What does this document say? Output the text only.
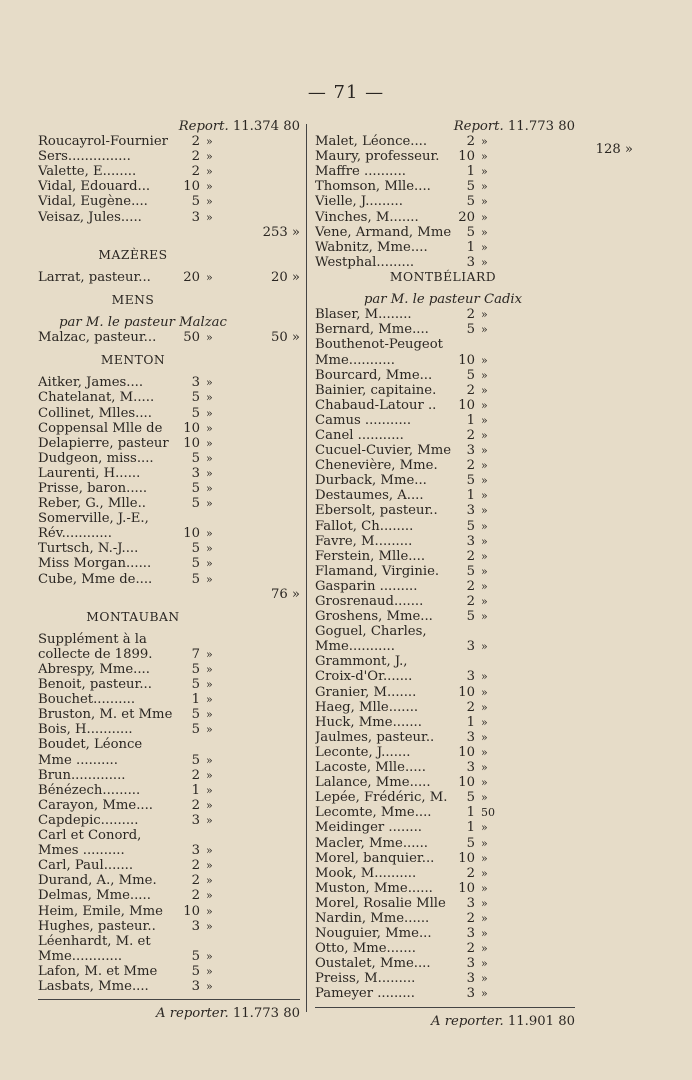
— 71 —
Report. 11.374 80
Roucayrol-Fournier	2 »
Sers...............	2 »
Valette, E........	2 »
Vidal, Edouard...	10 »
Vidal, Eugène....	5 »
Veisaz, Jules.....	3 »
253 »
MAZÈRES
Larrat, pasteur...	20 »	20 »
MENS
par M. le pasteur Malzac
Malzac, pasteur...	50 »	50 »
MENTON
Aitker, James....	3 »
Chatelanat, M.....	5 »
Collinet, Mlles....	5 »
Coppensal Mlle de	10 »
Delapierre, pasteur	10 »
Dudgeon, miss....	5 »
Laurenti, H......	3 »
Prisse, baron.....	5 »
Reber, G., Mlle..	5 »
Somerville, J.-E.,
Rév............	10 »
Turtsch, N.-J....	5 »
Miss Morgan......	5 »
Cube, Mme de....	5 »
76 »
MONTAUBAN
Supplément à la
collecte de 1899.	7 »
Abrespy, Mme....	5 »
Benoit, pasteur...	5 »
Bouchet..........	1 »
Bruston, M. et Mme	5 »
Bois, H...........	5 »
Boudet, Léonce
Mme ..........	5 »
Brun.............	2 »
Bénézech.........	1 »
Carayon, Mme....	2 »
Capdepic.........	3 »
Carl et Conord,
Mmes ..........	3 »
Carl, Paul.......	2 »
Durand, A., Mme.	2 »
Delmas, Mme.....	2 »
Heim, Emile, Mme	10 »
Hughes, pasteur..	3 »
Léenhardt, M. et
Mme............	5 »
Lafon, M. et Mme	5 »
Lasbats, Mme....	3 »
A reporter. 11.773 80
Report. 11.773 80
Malet, Léonce....	2 »
Maury, professeur.	10 »
Maffre ..........	1 »
Thomson, Mlle....	5 »
Vielle, J.........	5 »
Vinches, M.......	20 »
Vene, Armand, Mme	5 »
Wabnitz, Mme....	1 »
Westphal.........	3 »
128 »
MONTBÉLIARD
par M. le pasteur Cadix
Blaser, M........	2 »
Bernard, Mme....	5 »
Bouthenot-Peugeot
Mme...........	10 »
Bourcard, Mme...	5 »
Bainier, capitaine.	2 »
Chabaud-Latour ..	10 »
Camus ...........	1 »
Canel ...........	2 »
Cucuel-Cuvier, Mme	3 »
Chenevière, Mme.	2 »
Durback, Mme...	5 »
Destaumes, A....	1 »
Ebersolt, pasteur..	3 »
Fallot, Ch........	5 »
Favre, M.........	3 »
Ferstein, Mlle....	2 »
Flamand, Virginie.	5 »
Gasparin .........	2 »
Grosrenaud.......	2 »
Groshens, Mme...	5 »
Goguel, Charles,
Mme...........	3 »
Grammont, J.,
Croix-d'Or.......	3 »
Granier, M.......	10 »
Haeg, Mlle.......	2 »
Huck, Mme.......	1 »
Jaulmes, pasteur..	3 »
Leconte, J.......	10 »
Lacoste, Mlle.....	3 »
Lalance, Mme.....	10 »
Lepée, Frédéric, M.	5 »
Lecomte, Mme....	1 50
Meidinger ........	1 »
Macler, Mme......	5 »
Morel, banquier...	10 »
Mook, M..........	2 »
Muston, Mme......	10 »
Morel, Rosalie Mlle	3 »
Nardin, Mme......	2 »
Nouguier, Mme...	3 »
Otto, Mme.......	2 »
Oustalet, Mme....	3 »
Preiss, M.........	3 »
Pameyer .........	3 »
A reporter. 11.901 80
